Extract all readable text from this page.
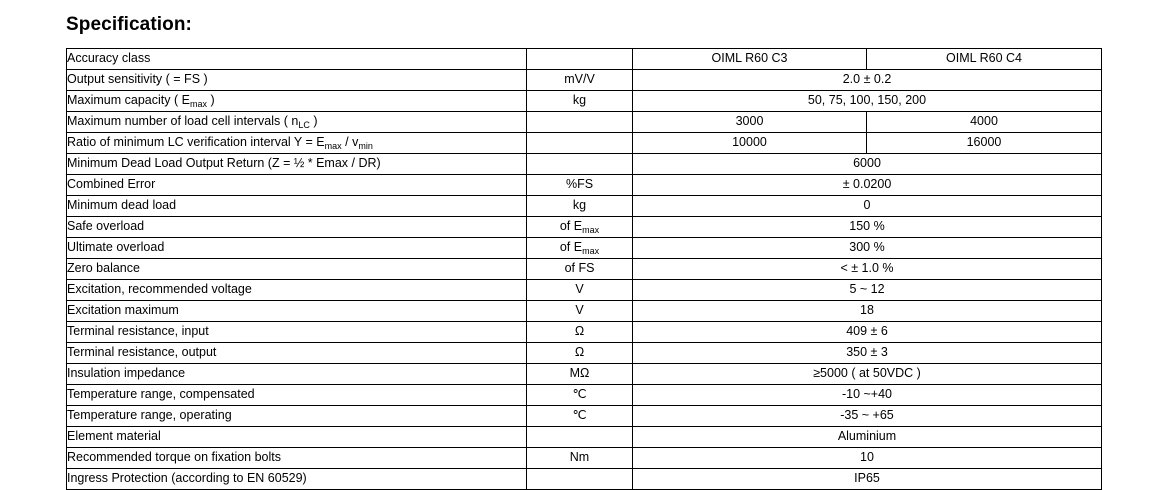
Specification:
Accuracy class		OIML R60 C3	OIML R60 C4
Output sensitivity ( = FS )	mV/V	2.0 ± 0.2	
Maximum capacity ( $E_{max}$ )	kg	50, 75, 100, 150, 200	
Maximum number of load cell intervals ( $n_{LC}$ )		3000	4000
Ratio of minimum LC verification interval $Y = E_{max} / v_{min}$		10000	16000
Minimum Dead Load Output Return (Z = ½ * Emax / DR)		6000	
Combined Error	%FS	± 0.0200	
Minimum dead load	kg	0	
Safe overload	of $E_{max}$	150 %	
Ultimate overload	of $E_{max}$	300 %	
Zero balance	of FS	< ± 1.0 %	
Excitation, recommended voltage	V	5 ~ 12	
Excitation maximum	V	18	
Terminal resistance, input	Ω	409 ± 6	
Terminal resistance, output	Ω	350 ± 3	
Insulation impedance	MΩ	≥5000 ( at 50VDC )	
Temperature range, compensated	℃	-10 ~+40	
Temperature range, operating	℃	-35 ~ +65	
Element material		Aluminium	
Recommended torque on fixation bolts	Nm	10	
Ingress Protection (according to EN 60529)		IP65	
